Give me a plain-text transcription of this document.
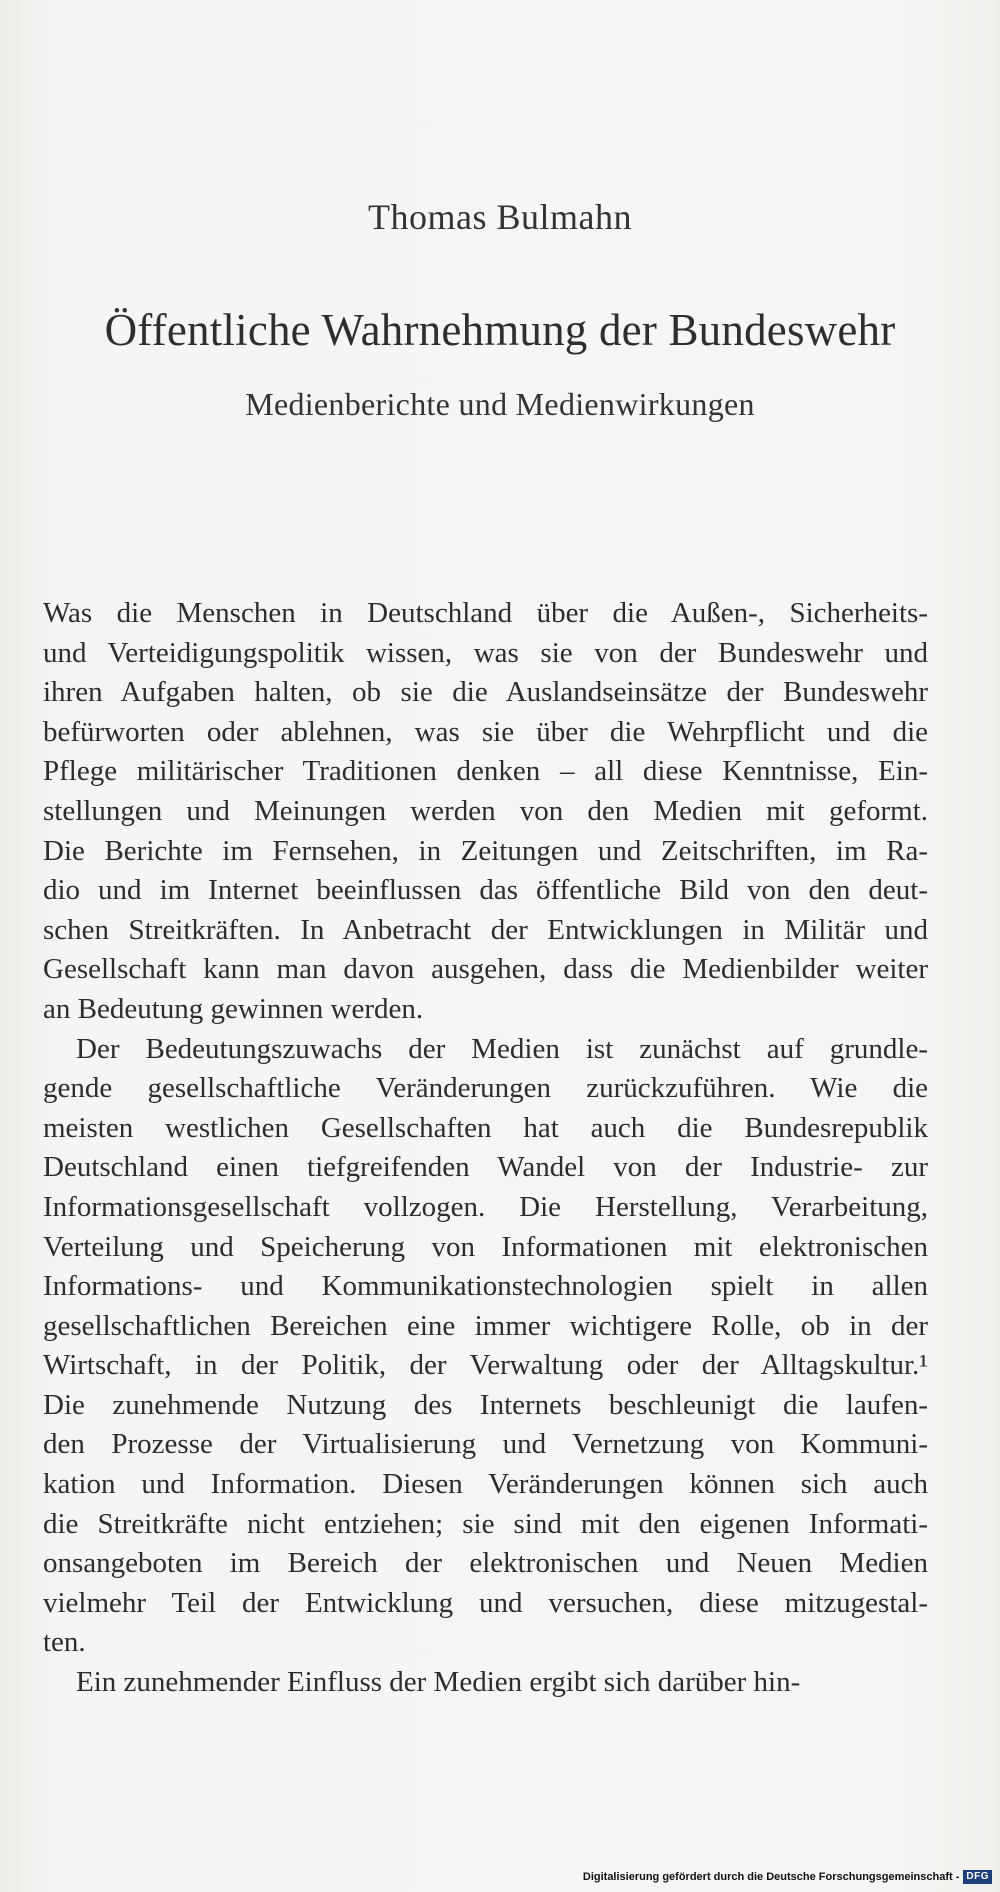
Thomas Bulmahn
Öffentliche Wahrnehmung der Bundeswehr
Medienberichte und Medienwirkungen
Was die Menschen in Deutschland über die Außen-, Sicherheits-
und Verteidigungspolitik wissen, was sie von der Bundeswehr und
ihren Aufgaben halten, ob sie die Auslandseinsätze der Bundeswehr
befürworten oder ablehnen, was sie über die Wehrpflicht und die
Pflege militärischer Traditionen denken – all diese Kenntnisse, Ein-
stellungen und Meinungen werden von den Medien mit geformt.
Die Berichte im Fernsehen, in Zeitungen und Zeitschriften, im Ra-
dio und im Internet beeinflussen das öffentliche Bild von den deut-
schen Streitkräften. In Anbetracht der Entwicklungen in Militär und
Gesellschaft kann man davon ausgehen, dass die Medienbilder weiter
an Bedeutung gewinnen werden.
Der Bedeutungszuwachs der Medien ist zunächst auf grundle-
gende gesellschaftliche Veränderungen zurückzuführen. Wie die
meisten westlichen Gesellschaften hat auch die Bundesrepublik
Deutschland einen tiefgreifenden Wandel von der Industrie- zur
Informationsgesellschaft vollzogen. Die Herstellung, Verarbeitung,
Verteilung und Speicherung von Informationen mit elektronischen
Informations- und Kommunikationstechnologien spielt in allen
gesellschaftlichen Bereichen eine immer wichtigere Rolle, ob in der
Wirtschaft, in der Politik, der Verwaltung oder der Alltagskultur.¹
Die zunehmende Nutzung des Internets beschleunigt die laufen-
den Prozesse der Virtualisierung und Vernetzung von Kommuni-
kation und Information. Diesen Veränderungen können sich auch
die Streitkräfte nicht entziehen; sie sind mit den eigenen Informati-
onsangeboten im Bereich der elektronischen und Neuen Medien
vielmehr Teil der Entwicklung und versuchen, diese mitzugestal-
ten.
Ein zunehmender Einfluss der Medien ergibt sich darüber hin-
Digitalisierung gefördert durch die Deutsche Forschungsgemeinschaft - DFG
